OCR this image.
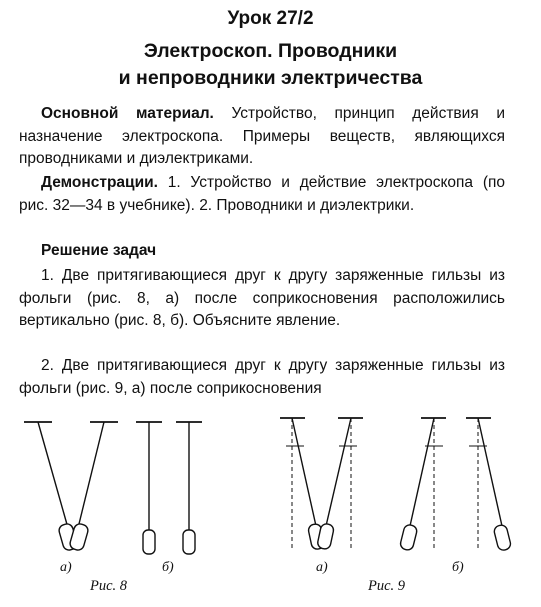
Урок 27/2
Электроскоп. Проводники
и непроводники электричества
Основной материал. Устройство, принцип действия и назначение электроскопа. Примеры веществ, являющихся проводниками и диэлектриками.
Демонстрации. 1. Устройство и действие электроскопа (по рис. 32—34 в учебнике). 2. Проводники и диэлектрики.
Решение задач
1. Две притягивающиеся друг к другу заряженные гильзы из фольги (рис. 8, а) после соприкосновения расположились вертикально (рис. 8, б). Объясните явление.
2. Две притягивающиеся друг к другу заряженные гильзы из фольги (рис. 9, а) после соприкосновения
а)	б)
Рис. 8
а)	б)
Рис. 9
